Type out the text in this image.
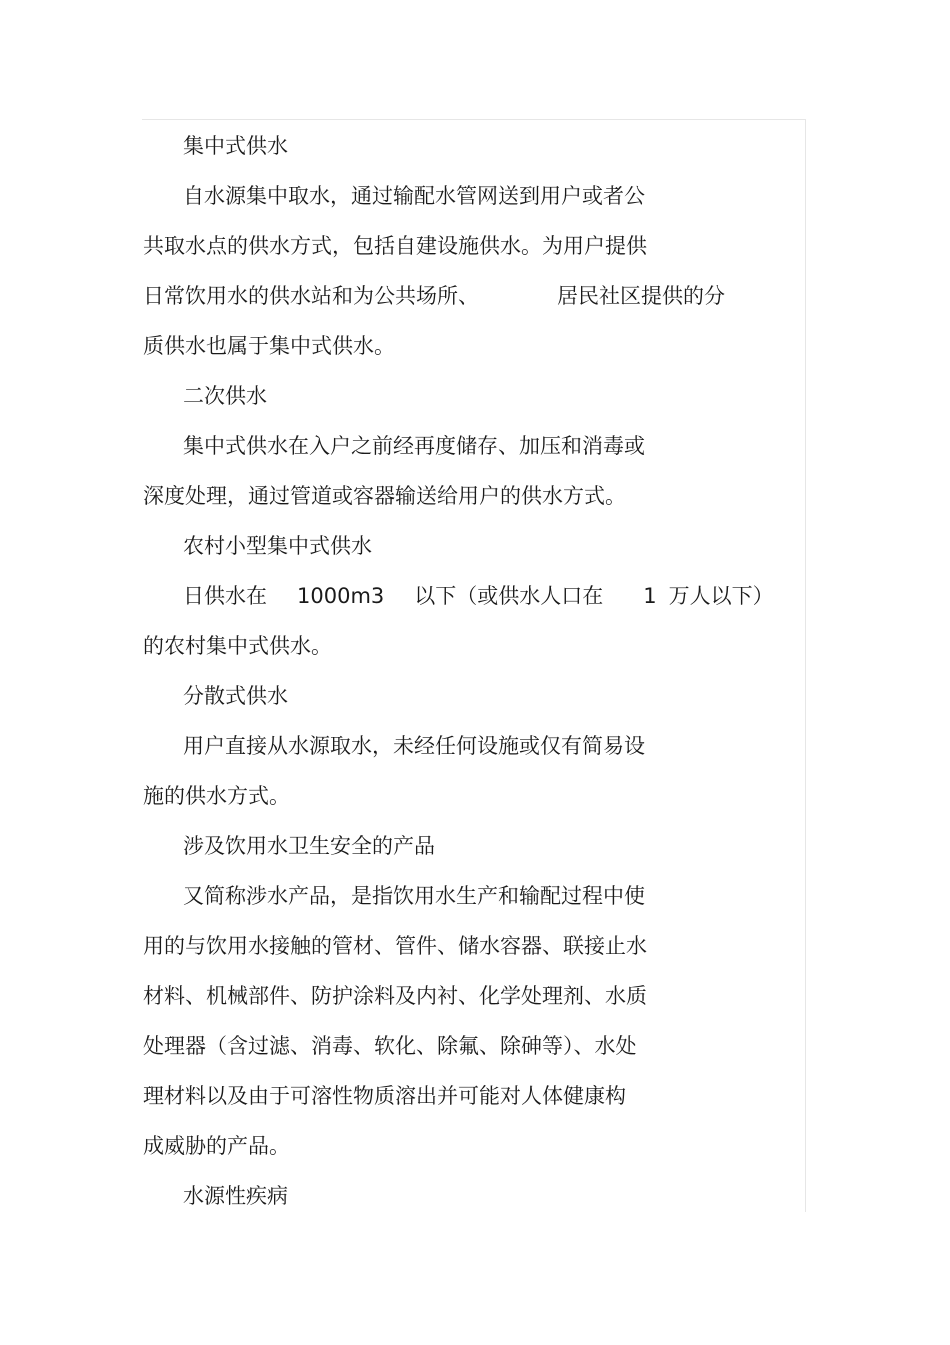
集中式供水
自水源集中取水，通过输配水管网送到用户或者公
共取水点的供水方式，包括自建设施供水。为用户提供
日常饮用水的供水站和为公共场所、	居民社区提供的分
质供水也属于集中式供水。
二次供水
集中式供水在入户之前经再度储存、加压和消毒或
深度处理，通过管道或容器输送给用户的供水方式。
农村小型集中式供水
日供水在 1000m3 以下（或供水人口在 1 万人以下）
的农村集中式供水。
分散式供水
用户直接从水源取水，未经任何设施或仅有简易设
施的供水方式。
涉及饮用水卫生安全的产品
又简称涉水产品，是指饮用水生产和输配过程中使
用的与饮用水接触的管材、管件、储水容器、联接止水
材料、机械部件、防护涂料及内衬、化学处理剂、水质
处理器（含过滤、消毒、软化、除氟、除砷等）、水处
理材料以及由于可溶性物质溶出并可能对人体健康构
成威胁的产品。
水源性疾病
